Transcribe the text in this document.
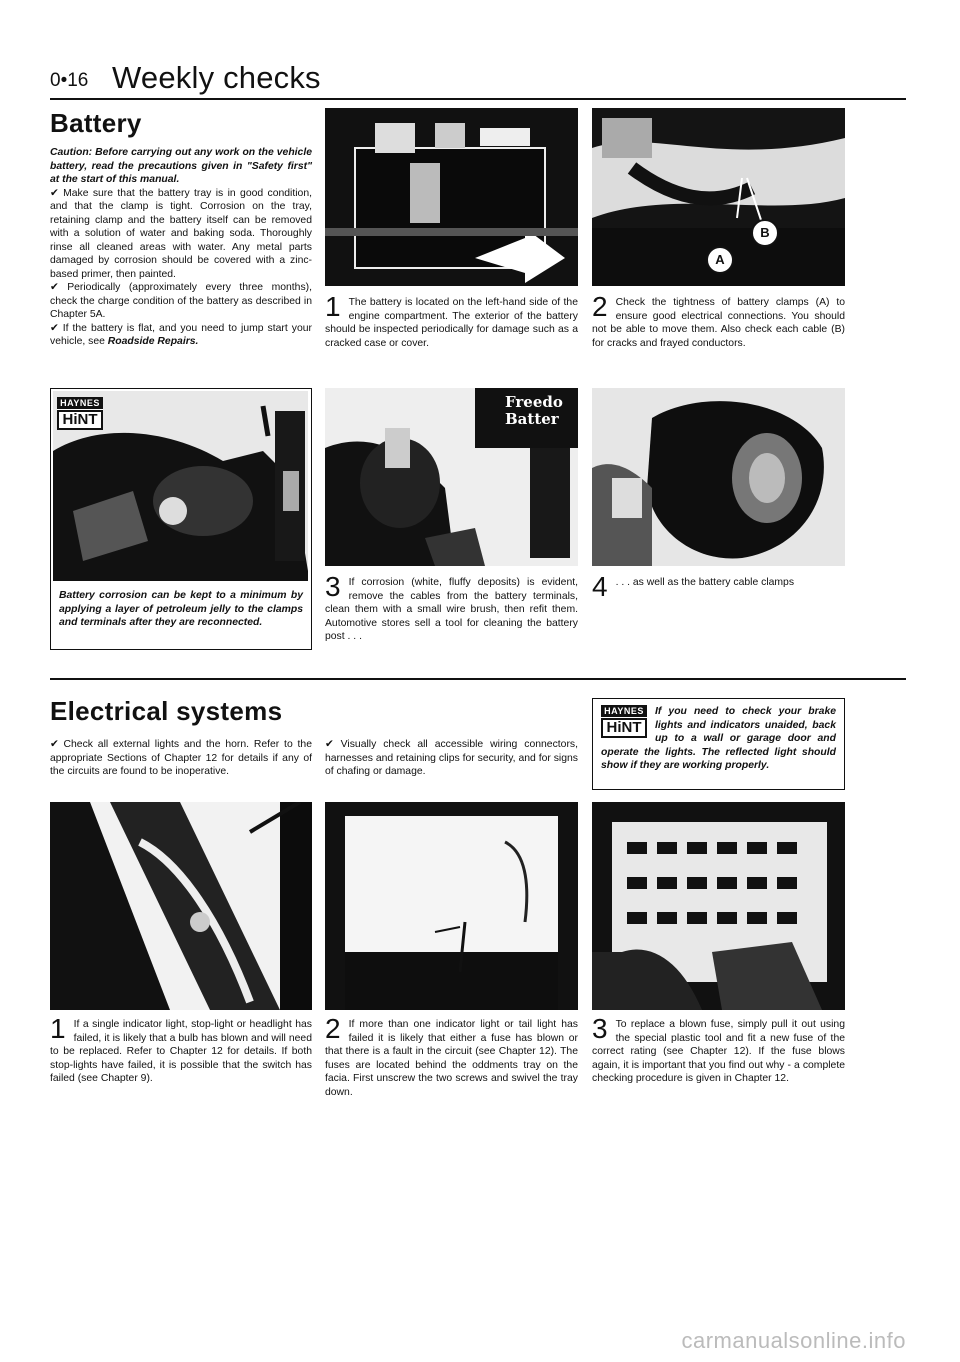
0•16 Weekly checks
Battery

Caution: Before carrying out any work on the vehicle battery, read the precautions given in "Safety first" at the start of this manual.

✔ Make sure that the battery tray is in good condition, and that the clamp is tight. Corrosion on the tray, retaining clamp and the battery itself can be removed with a solution of water and baking soda. Thoroughly rinse all cleaned areas with water. Any metal parts damaged by corrosion should be covered with a zinc-based primer, then painted.

✔ Periodically (approximately every three months), check the charge condition of the battery as described in Chapter 5A.

✔ If the battery is flat, and you need to jump start your vehicle, see Roadside Repairs.

HAYNES
HiNT
Battery corrosion can be kept to a minimum by applying a layer of petroleum jelly to the clamps and terminals after they are reconnected.
1 The battery is located on the left-hand side of the engine compartment. The exterior of the battery should be inspected periodically for damage such as a cracked case or cover.
A
B
2 Check the tightness of battery clamps (A) to ensure good electrical connections. You should not be able to move them. Also check each cable (B) for cracks and frayed conductors.
Freedo
Batter
3 If corrosion (white, fluffy deposits) is evident, remove the cables from the battery terminals, clean them with a small wire brush, then refit them. Automotive stores sell a tool for cleaning the battery post . . .
4 . . . as well as the battery cable clamps
Electrical systems
✔ Check all external lights and the horn. Refer to the appropriate Sections of Chapter 12 for details if any of the circuits are found to be inoperative.
✔ Visually check all accessible wiring connectors, harnesses and retaining clips for security, and for signs of chafing or damage.
HAYNES
HiNT
If you need to check your brake lights and indicators unaided, back up to a wall or garage door and operate the lights. The reflected light should show if they are working properly.
1 If a single indicator light, stop-light or headlight has failed, it is likely that a bulb has blown and will need to be replaced. Refer to Chapter 12 for details. If both stop-lights have failed, it is possible that the switch has failed (see Chapter 9).
2 If more than one indicator light or tail light has failed it is likely that either a fuse has blown or that there is a fault in the circuit (see Chapter 12). The fuses are located behind the oddments tray on the facia. First unscrew the two screws and swivel the tray down.
3 To replace a blown fuse, simply pull it out using the special plastic tool and fit a new fuse of the correct rating (see Chapter 12). If the fuse blows again, it is important that you find out why - a complete checking procedure is given in Chapter 12.
carmanualsonline.info
